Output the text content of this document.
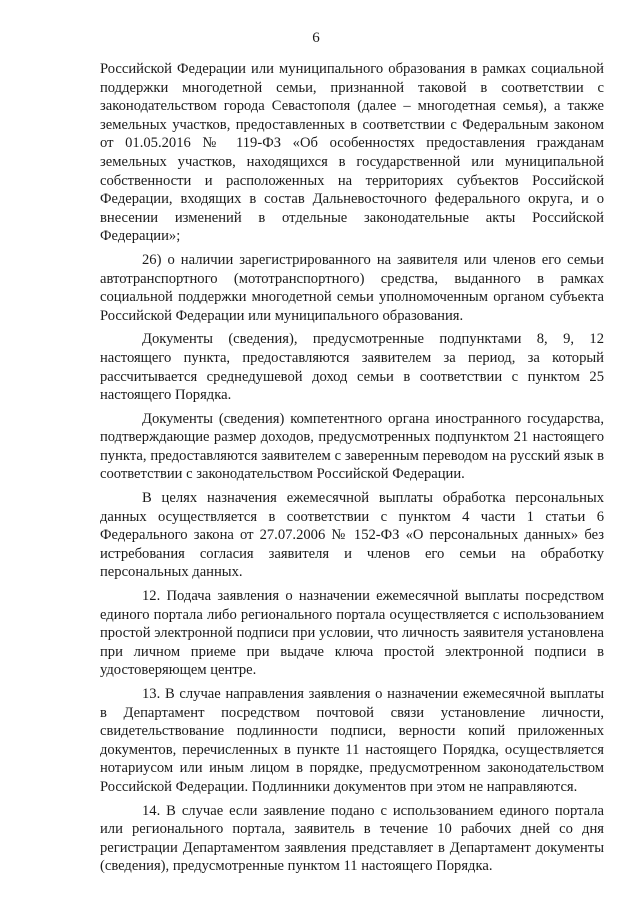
6

Российской Федерации или муниципального образования в рамках социальной поддержки многодетной семьи, признанной таковой в соответствии с законодательством города Севастополя (далее – многодетная семья), а также земельных участков, предоставленных в соответствии с Федеральным законом от 01.05.2016 № 119-ФЗ «Об особенностях предоставления гражданам земельных участков, находящихся в государственной или муниципальной собственности и расположенных на территориях субъектов Российской Федерации, входящих в состав Дальневосточного федерального округа, и о внесении изменений в отдельные законодательные акты Российской Федерации»;

26) о наличии зарегистрированного на заявителя или членов его семьи автотранспортного (мототранспортного) средства, выданного в рамках социальной поддержки многодетной семьи уполномоченным органом субъекта Российской Федерации или муниципального образования.

Документы (сведения), предусмотренные подпунктами 8, 9, 12 настоящего пункта, предоставляются заявителем за период, за который рассчитывается среднедушевой доход семьи в соответствии с пунктом 25 настоящего Порядка.

Документы (сведения) компетентного органа иностранного государства, подтверждающие размер доходов, предусмотренных подпунктом 21 настоящего пункта, предоставляются заявителем с заверенным переводом на русский язык в соответствии с законодательством Российской Федерации.

В целях назначения ежемесячной выплаты обработка персональных данных осуществляется в соответствии с пунктом 4 части 1 статьи 6 Федерального закона от 27.07.2006 № 152-ФЗ «О персональных данных» без истребования согласия заявителя и членов его семьи на обработку персональных данных.

12. Подача заявления о назначении ежемесячной выплаты посредством единого портала либо регионального портала осуществляется с использованием простой электронной подписи при условии, что личность заявителя установлена при личном приеме при выдаче ключа простой электронной подписи в удостоверяющем центре.

13. В случае направления заявления о назначении ежемесячной выплаты в Департамент посредством почтовой связи установление личности, свидетельствование подлинности подписи, верности копий приложенных документов, перечисленных в пункте 11 настоящего Порядка, осуществляется нотариусом или иным лицом в порядке, предусмотренном законодательством Российской Федерации. Подлинники документов при этом не направляются.

14. В случае если заявление подано с использованием единого портала или регионального портала, заявитель в течение 10 рабочих дней со дня регистрации Департаментом заявления представляет в Департамент документы (сведения), предусмотренные пунктом 11 настоящего Порядка.
